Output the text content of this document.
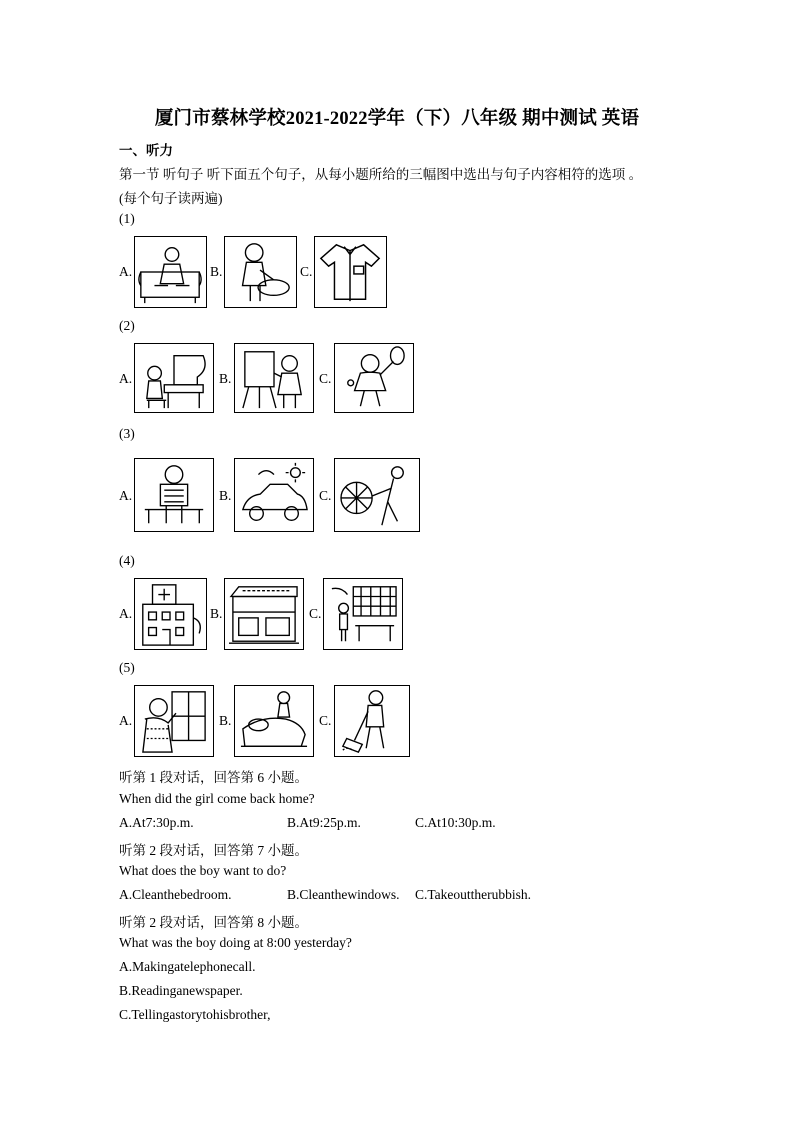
厦门市蔡林学校2021-2022学年（下）八年级 期中测试 英语
一、听力
第一节 听句子 听下面五个句子，从每小题所给的三幅图中选出与句子内容相符的选项 。
(每个句子读两遍)
(1)
A.	B.	C.
(2)
A.	B.	C.
(3)
A.	B.	C.
(4)
A.	B.	C.
(5)
A.	B.	C.
听第 1 段对话，回答第 6 小题。
When did the girl come back home?
A.At7:30p.m.	B.At9:25p.m.	C.At10:30p.m.
听第 2 段对话，回答第 7 小题。
What does the boy want to do?
A.Cleanthebedroom.	B.Cleanthewindows. C.Takeouttherubbish.
听第 2 段对话，回答第 8 小题。
What was the boy doing at 8:00 yesterday?
A.Makingatelephonecall.
B.Readinganewspaper.
C.Tellingastorytohisbrother,
